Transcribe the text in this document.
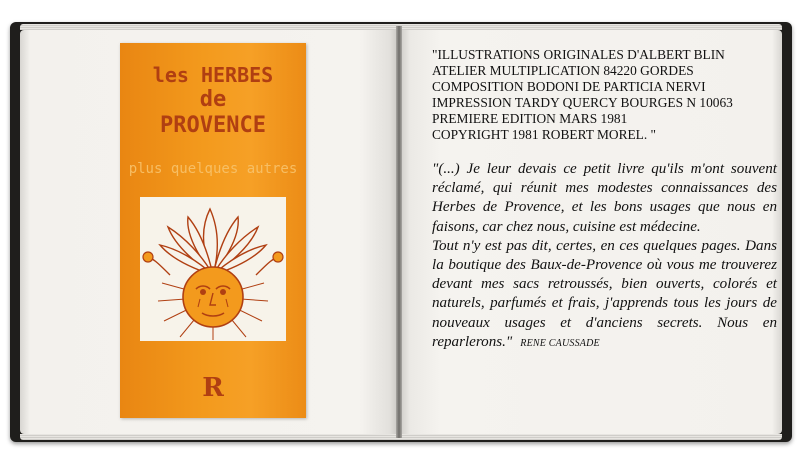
les HERBES
de
PROVENCE
plus quelques autres
R
"ILLUSTRATIONS ORIGINALES D'ALBERT BLIN
ATELIER MULTIPLICATION 84220 GORDES
COMPOSITION BODONI DE PARTICIA NERVI
IMPRESSION TARDY QUERCY BOURGES N 10063
PREMIERE EDITION MARS 1981
COPYRIGHT 1981 ROBERT MOREL. "

"(...) Je leur devais ce petit livre qu'ils m'ont souvent réclamé, qui réunit mes modestes connaissances des Herbes de Provence, et les bons usages que nous en faisons, car chez nous, cuisine est médecine.

Tout n'y est pas dit, certes, en ces quelques pages. Dans la boutique des Baux-de-Provence où vous me trouverez devant mes sacs retroussés, bien ouverts, colorés et naturels, parfumés et frais, j'apprends tous les jours de nouveaux usages et d'anciens secrets. Nous en reparlerons." RENE CAUSSADE
